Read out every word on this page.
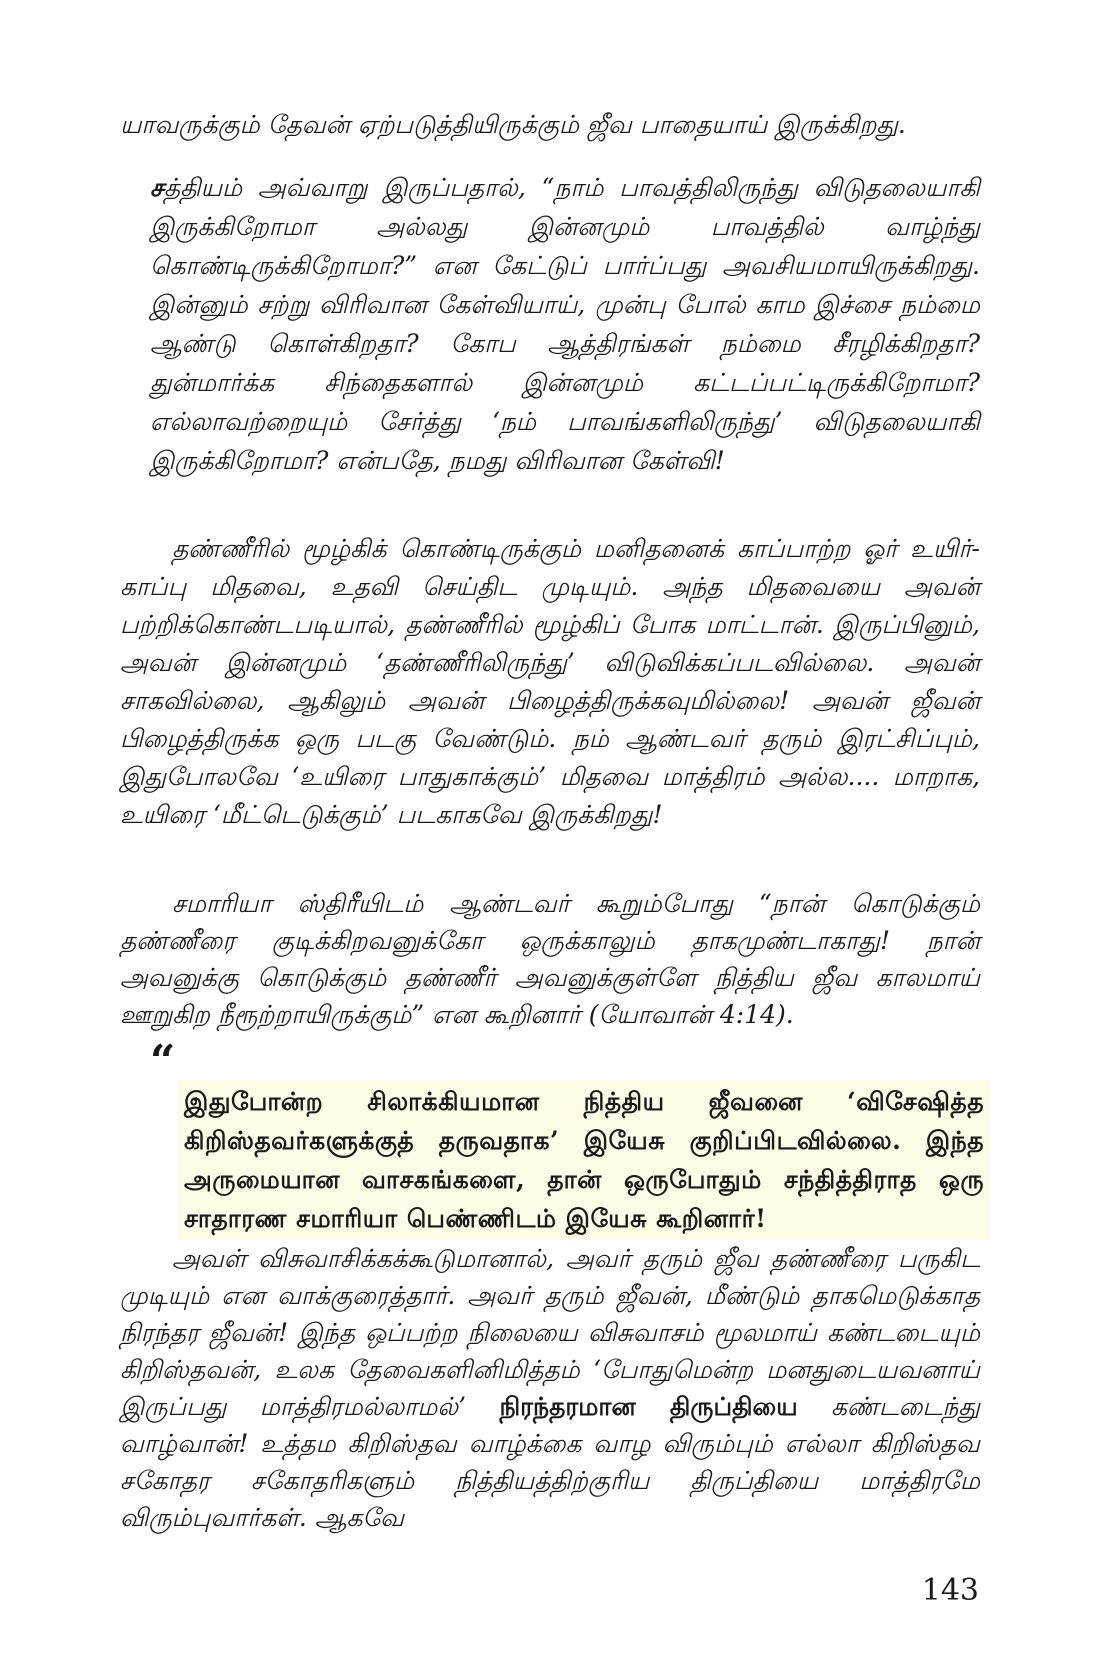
யாவருக்கும் தேவன் ஏற்படுத்தியிருக்கும் ஜீவ பாதையாய் இருக்கிறது.

சத்தியம் அவ்வாறு இருப்பதால், “நாம் பாவத்திலிருந்து விடுதலையாகி இருக்கிறோமா அல்லது இன்னமும் பாவத்தில் வாழ்ந்து கொண்டிருக்கிறோமா?” என கேட்டுப் பார்ப்பது அவசியமாயிருக்கிறது. இன்னும் சற்று விரிவான கேள்வியாய், முன்பு போல் காம இச்சை நம்மை ஆண்டு கொள்கிறதா? கோப ஆத்திரங்கள் நம்மை சீரழிக்கிறதா? துன்மார்க்க சிந்தைகளால் இன்னமும் கட்டப்பட்டிருக்கிறோமா? எல்லாவற்றையும் சேர்த்து ‘நம் பாவங்களிலிருந்து’ விடுதலையாகி இருக்கிறோமா? என்பதே, நமது விரிவான கேள்வி!

தண்ணீரில் மூழ்கிக் கொண்டிருக்கும் மனிதனைக் காப்பாற்ற ஓர் உயிர்-காப்பு மிதவை, உதவி செய்திட முடியும். அந்த மிதவையை அவன் பற்றிக்கொண்டபடியால், தண்ணீரில் மூழ்கிப் போக மாட்டான். இருப்பினும், அவன் இன்னமும் ‘தண்ணீரிலிருந்து’ விடுவிக்கப்படவில்லை. அவன் சாகவில்லை, ஆகிலும் அவன் பிழைத்திருக்கவுமில்லை! அவன் ஜீவன் பிழைத்திருக்க ஒரு படகு வேண்டும். நம் ஆண்டவர் தரும் இரட்சிப்பும், இதுபோலவே ‘உயிரை பாதுகாக்கும்’ மிதவை மாத்திரம் அல்ல.... மாறாக, உயிரை ‘மீட்டெடுக்கும்’ படகாகவே இருக்கிறது!

சமாரியா ஸ்திரீயிடம் ஆண்டவர் கூறும்போது “நான் கொடுக்கும் தண்ணீரை குடிக்கிறவனுக்கோ ஒருக்காலும் தாகமுண்டாகாது! நான் அவனுக்கு கொடுக்கும் தண்ணீர் அவனுக்குள்ளே நித்திய ஜீவ காலமாய் ஊறுகிற நீரூற்றாயிருக்கும்” என கூறினார் (யோவான் 4:14).

“

இதுபோன்ற சிலாக்கியமான நித்திய ஜீவனை ‘விசேஷித்த கிறிஸ்தவர்களுக்குத் தருவதாக’ இயேசு குறிப்பிடவில்லை. இந்த அருமையான வாசகங்களை, தான் ஒருபோதும் சந்தித்திராத ஒரு சாதாரண சமாரியா பெண்ணிடம் இயேசு கூறினார்!

அவள் விசுவாசிக்கக்கூடுமானால், அவர் தரும் ஜீவ தண்ணீரை பருகிட முடியும் என வாக்குரைத்தார். அவர் தரும் ஜீவன், மீண்டும் தாகமெடுக்காத நிரந்தர ஜீவன்! இந்த ஒப்பற்ற நிலையை விசுவாசம் மூலமாய் கண்டடையும் கிறிஸ்தவன், உலக தேவைகளினிமித்தம் ‘போதுமென்ற மனதுடையவனாய் இருப்பது மாத்திரமல்லாமல்’ நிரந்தரமான திருப்தியை கண்டடைந்து வாழ்வான்! உத்தம கிறிஸ்தவ வாழ்க்கை வாழ விரும்பும் எல்லா கிறிஸ்தவ சகோதர சகோதரிகளும் நித்தியத்திற்குரிய திருப்தியை மாத்திரமே விரும்புவார்கள். ஆகவே

143
